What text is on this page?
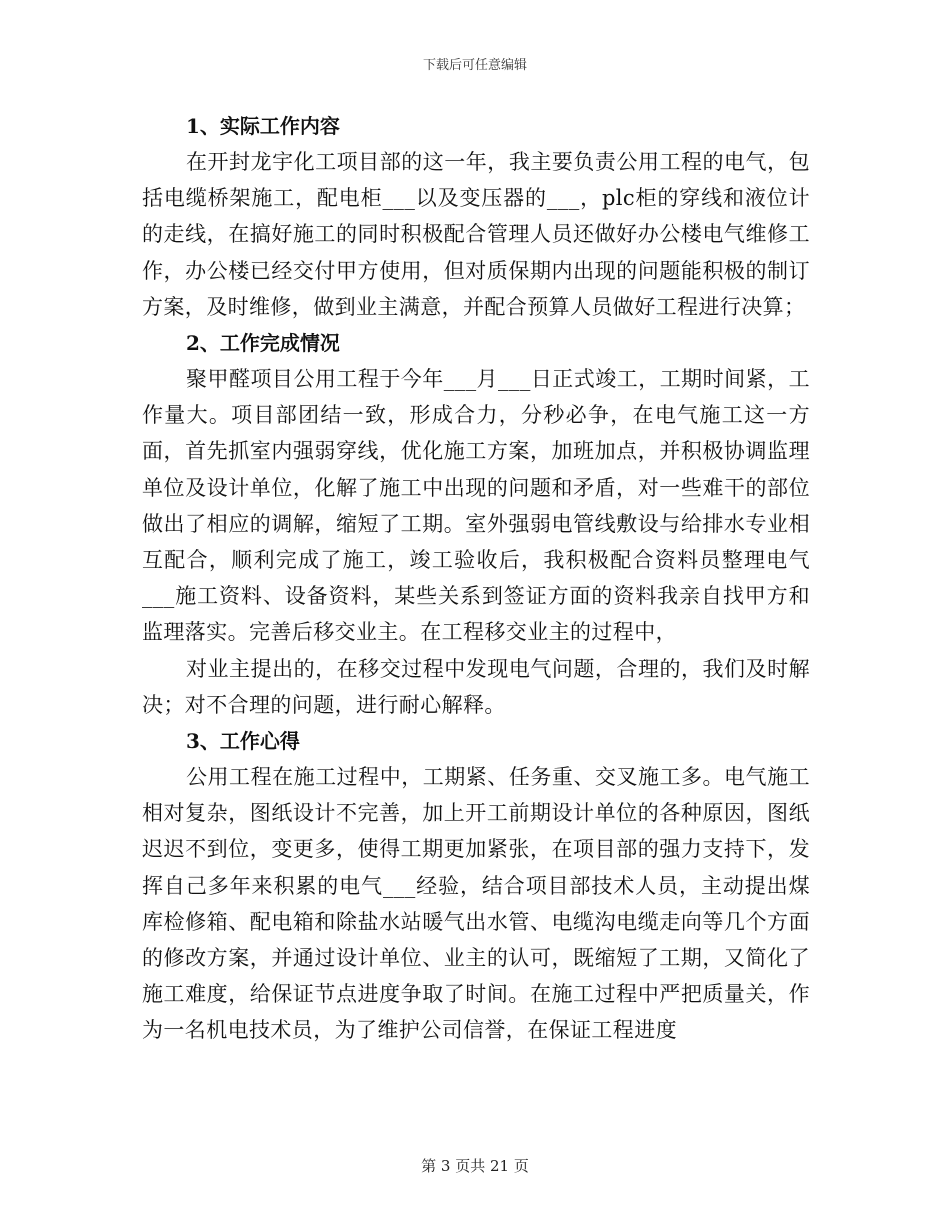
下载后可任意编辑

1、实际工作内容

在开封龙宇化工项目部的这一年，我主要负责公用工程的电气，包括电缆桥架施工，配电柜___以及变压器的___，plc柜的穿线和液位计的走线，在搞好施工的同时积极配合管理人员还做好办公楼电气维修工作，办公楼已经交付甲方使用，但对质保期内出现的问题能积极的制订方案，及时维修，做到业主满意，并配合预算人员做好工程进行决算；

2、工作完成情况

聚甲醛项目公用工程于今年___月___日正式竣工，工期时间紧，工作量大。项目部团结一致，形成合力，分秒必争，在电气施工这一方面，首先抓室内强弱穿线，优化施工方案，加班加点，并积极协调监理单位及设计单位，化解了施工中出现的问题和矛盾，对一些难干的部位做出了相应的调解，缩短了工期。室外强弱电管线敷设与给排水专业相互配合，顺利完成了施工，竣工验收后，我积极配合资料员整理电气___施工资料、设备资料，某些关系到签证方面的资料我亲自找甲方和监理落实。完善后移交业主。在工程移交业主的过程中，

对业主提出的，在移交过程中发现电气问题，合理的，我们及时解决；对不合理的问题，进行耐心解释。

3、工作心得

公用工程在施工过程中，工期紧、任务重、交叉施工多。电气施工相对复杂，图纸设计不完善，加上开工前期设计单位的各种原因，图纸迟迟不到位，变更多，使得工期更加紧张，在项目部的强力支持下，发挥自己多年来积累的电气___经验，结合项目部技术人员，主动提出煤库检修箱、配电箱和除盐水站暖气出水管、电缆沟电缆走向等几个方面的修改方案，并通过设计单位、业主的认可，既缩短了工期，又简化了施工难度，给保证节点进度争取了时间。在施工过程中严把质量关，作为一名机电技术员，为了维护公司信誉，在保证工程进度

第 3 页共 21 页
